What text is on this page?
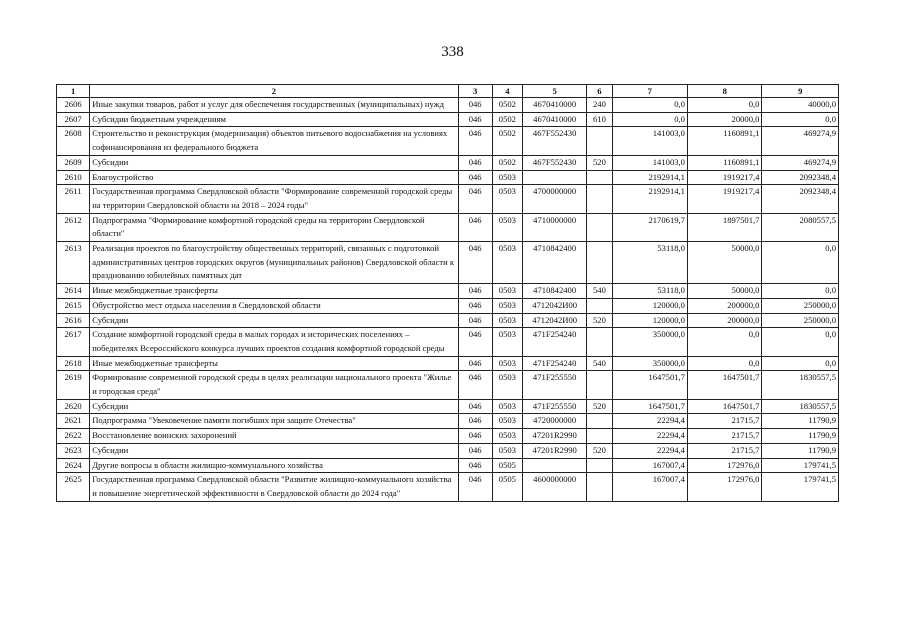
338
1	2	3	4	5	6	7	8	9
2606	Иные закупки товаров, работ и услуг для обеспечения государственных (муниципальных) нужд	046	0502	4670410000	240	0,0	0,0	40000,0
2607	Субсидии бюджетным учреждениям	046	0502	4670410000	610	0,0	20000,0	0,0
2608	Строительство и реконструкция (модернизация) объектов питьевого водоснабжения на условиях софинансирования из федерального бюджета	046	0502	467F552430		141003,0	1160891,1	469274,9
2609	Субсидии	046	0502	467F552430	520	141003,0	1160891,1	469274,9
2610	Благоустройство	046	0503			2192914,1	1919217,4	2092348,4
2611	Государственная программа Свердловской области "Формирование современной городской среды на территории Свердловской области на 2018 – 2024 годы"	046	0503	4700000000		2192914,1	1919217,4	2092348,4
2612	Подпрограмма "Формирование комфортной городской среды на территории Свердловской области"	046	0503	4710000000		2170619,7	1897501,7	2080557,5
2613	Реализация проектов по благоустройству общественных территорий, связанных с подготовкой административных центров городских округов (муниципальных районов) Свердловской области к празднованию юбилейных памятных дат	046	0503	4710842400		53118,0	50000,0	0,0
2614	Иные межбюджетные трансферты	046	0503	4710842400	540	53118,0	50000,0	0,0
2615	Обустройство мест отдыха населения в Свердловской области	046	0503	4712042И00		120000,0	200000,0	250000,0
2616	Субсидии	046	0503	4712042И00	520	120000,0	200000,0	250000,0
2617	Создание комфортной городской среды в малых городах и исторических поселениях – победителях Всероссийского конкурса лучших проектов создания комфортной городской среды	046	0503	471F254240		350000,0	0,0	0,0
2618	Иные межбюджетные трансферты	046	0503	471F254240	540	350000,0	0,0	0,0
2619	Формирование современной городской среды в целях реализации национального проекта "Жилье и городская среда"	046	0503	471F255550		1647501,7	1647501,7	1830557,5
2620	Субсидии	046	0503	471F255550	520	1647501,7	1647501,7	1830557,5
2621	Подпрограмма "Увековечение памяти погибших при защите Отечества"	046	0503	4720000000		22294,4	21715,7	11790,9
2622	Восстановление воинских захоронений	046	0503	47201R2990		22294,4	21715,7	11790,9
2623	Субсидии	046	0503	47201R2990	520	22294,4	21715,7	11790,9
2624	Другие вопросы в области жилищно-коммунального хозяйства	046	0505			167007,4	172976,0	179741,5
2625	Государственная программа Свердловской области "Развитие жилищно-коммунального хозяйства и повышение энергетической эффективности в Свердловской области до 2024 года"	046	0505	4600000000		167007,4	172976,0	179741,5
